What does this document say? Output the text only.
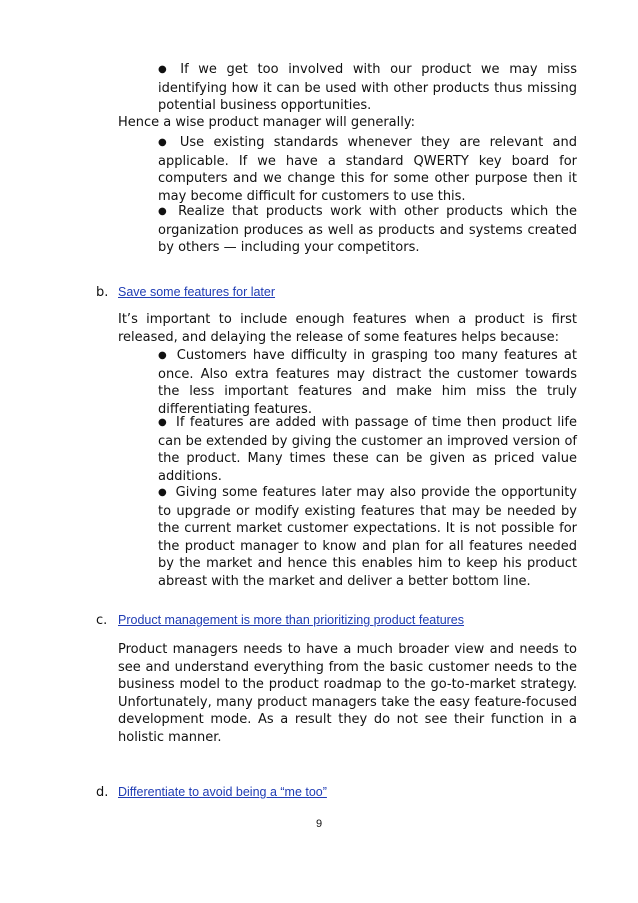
● If we get too involved with our product we may miss identifying how it can be used with other products thus missing potential business opportunities.
Hence a wise product manager will generally:
● Use existing standards whenever they are relevant and applicable. If we have a standard QWERTY key board for computers and we change this for some other purpose then it may become difficult for customers to use this.
● Realize that products work with other products which the organization produces as well as products and systems created by others — including your competitors.
b. Save some features for later
It’s important to include enough features when a product is first released, and delaying the release of some features helps because:
● Customers have difficulty in grasping too many features at once. Also extra features may distract the customer towards the less important features and make him miss the truly differentiating features.
● If features are added with passage of time then product life can be extended by giving the customer an improved version of the product. Many times these can be given as priced value additions.
● Giving some features later may also provide the opportunity to upgrade or modify existing features that may be needed by the current market customer expectations. It is not possible for the product manager to know and plan for all features needed by the market and hence this enables him to keep his product abreast with the market and deliver a better bottom line.
c. Product management is more than prioritizing product features
Product managers needs to have a much broader view and needs to see and understand everything from the basic customer needs to the business model to the product roadmap to the go-to-market strategy. Unfortunately, many product managers take the easy feature-focused development mode. As a result they do not see their function in a holistic manner.
d. Differentiate to avoid being a “me too”
9
